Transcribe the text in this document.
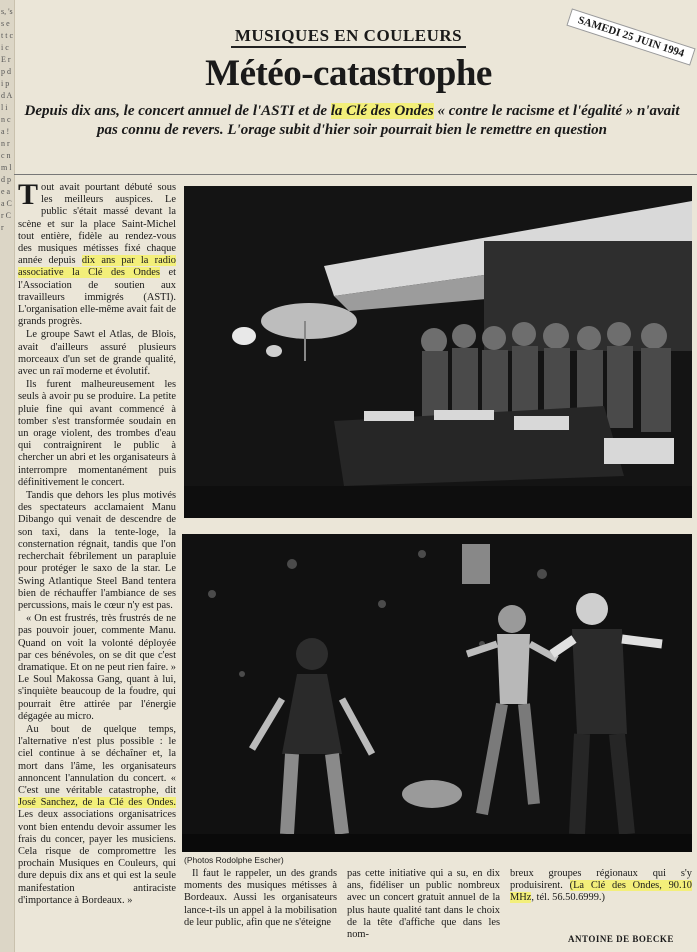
s, 's s e t t c i c E r p d i p d A l i n c a ! n r c n m l d p e a a C r C r
MUSIQUES EN COULEURS	SAMEDI 25 JUIN 1994
Météo-catastrophe
Depuis dix ans, le concert annuel de l'ASTI et de la Clé des Ondes « contre le racisme et l'égalité » n'avait pas connu de revers. L'orage subit d'hier soir pourrait bien le remettre en question

Tout avait pourtant débuté sous les meilleurs auspices. Le public s'était massé devant la scène et sur la place Saint-Michel tout entière, fidèle au rendez-vous des musiques métisses fixé chaque année depuis dix ans par la radio associative la Clé des Ondes et l'Association de soutien aux travailleurs immigrés (ASTI). L'organisation elle-même avait fait de grands progrès.

Le groupe Sawt el Atlas, de Blois, avait d'ailleurs assuré plusieurs morceaux d'un set de grande qualité, avec un raï moderne et évolutif.

Ils furent malheureusement les seuls à avoir pu se produire. La petite pluie fine qui avant commencé à tomber s'est transformée soudain en un orage violent, des trombes d'eau qui contraignirent le public à chercher un abri et les organisateurs à interrompre momentanément puis définitivement le concert.

Tandis que dehors les plus motivés des spectateurs acclamaient Manu Dibango qui venait de descendre de son taxi, dans la tente-loge, la consternation régnait, tandis que l'on recherchait fébrilement un parapluie pour protéger le saxo de la star. Le Swing Atlantique Steel Band tentera bien de réchauffer l'ambiance de ses percussions, mais le cœur n'y est pas.

« On est frustrés, très frustrés de ne pas pouvoir jouer, commente Manu. Quand on voit la volonté déployée par ces bénévoles, on se dit que c'est dramatique. Et on ne peut rien faire. » Le Soul Makossa Gang, quant à lui, s'inquiète beaucoup de la foudre, qui pourrait être attirée par l'énergie dégagée au micro.

Au bout de quelque temps, l'alternative n'est plus possible : le ciel continue à se déchaîner et, la mort dans l'âme, les organisateurs annoncent l'annulation du concert. « C'est une véritable catastrophe, dit José Sanchez, de la Clé des Ondes. Les deux associations organisatrices vont bien entendu devoir assumer les frais du concer, payer les musiciens. Cela risque de compromettre les prochain Musiques en Couleurs, qui dure depuis dix ans et qui est la seule manifestation antiraciste d'importance à Bordeaux. »

(Photos Rodolphe Escher)

Il faut le rappeler, un des grands moments des musiques métisses à Bordeaux. Aussi les organisateurs lance-t-ils un appel à la mobilisation de leur public, afin que ne s'éteigne

pas cette initiative qui a su, en dix ans, fidéliser un public nombreux avec un concert gratuit annuel de la plus haute qualité tant dans le choix de la tête d'affiche que dans les nom-

breux groupes régionaux qui s'y produisirent. (La Clé des Ondes, 90.10 MHz, tél. 56.50.6999.)

ANTOINE DE BOECKE
